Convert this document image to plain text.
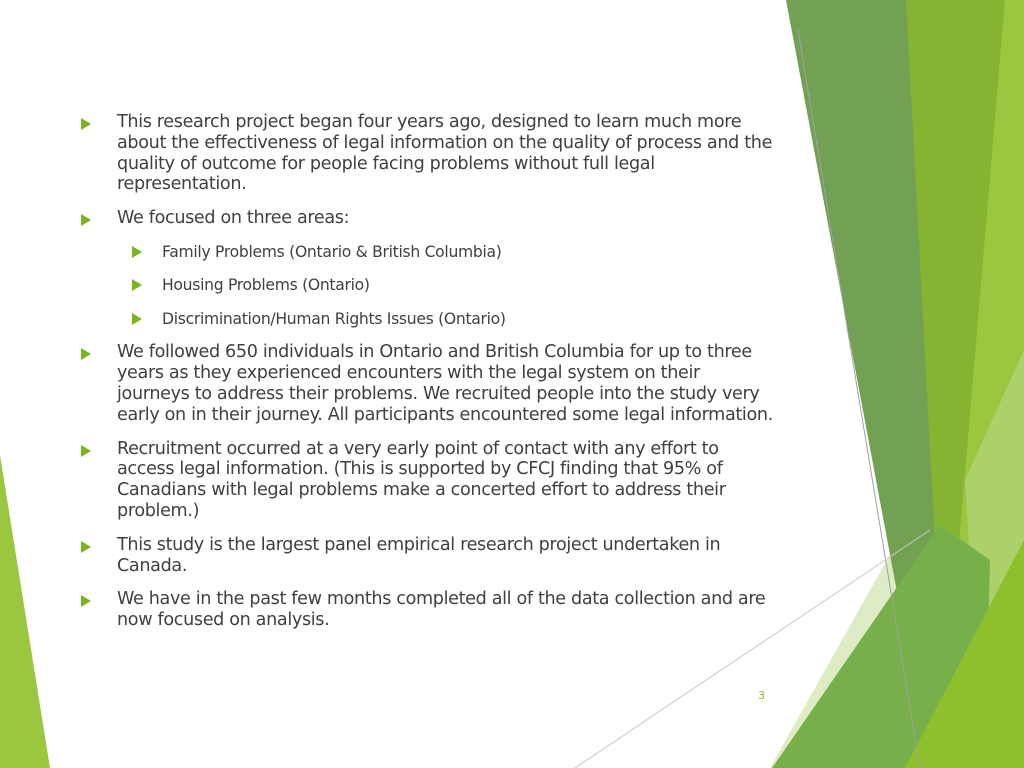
This research project began four years ago, designed to learn much more about the effectiveness of legal information on the quality of process and the quality of outcome for people facing problems without full legal representation.
We focused on three areas:
Family Problems (Ontario & British Columbia)
Housing Problems (Ontario)
Discrimination/Human Rights Issues (Ontario)
We followed 650 individuals in Ontario and British Columbia for up to three years as they experienced encounters with the legal system on their journeys to address their problems. We recruited people into the study very early on in their journey. All participants encountered some legal information.
Recruitment occurred at a very early point of contact with any effort to access legal information. (This is supported by CFCJ finding that 95% of Canadians with legal problems make a concerted effort to address their problem.)
This study is the largest panel empirical research project undertaken in Canada.
We have in the past few months completed all of the data collection and are now focused on analysis.
3
